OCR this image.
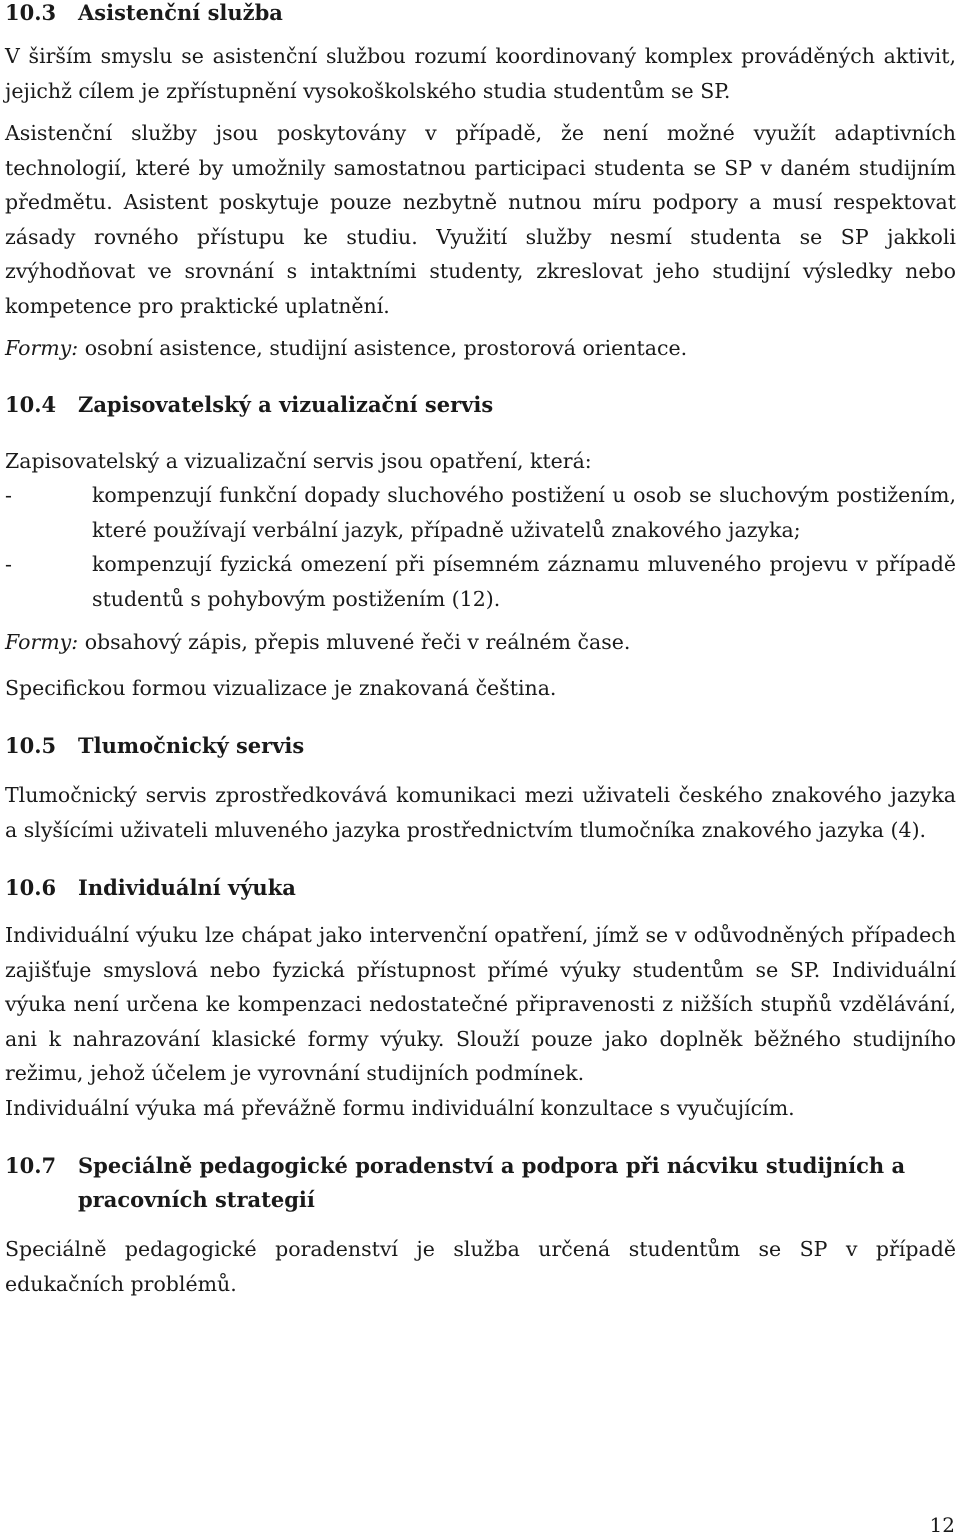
10.3	Asistenční služba

V širším smyslu se asistenční službou rozumí koordinovaný komplex prováděných aktivit, jejichž cílem je zpřístupnění vysokoškolského studia studentům se SP.

Asistenční služby jsou poskytovány v případě, že není možné využít adaptivních technologií, které by umožnily samostatnou participaci studenta se SP v daném studijním předmětu. Asistent poskytuje pouze nezbytně nutnou míru podpory a musí respektovat zásady rovného přístupu ke studiu. Využití služby nesmí studenta se SP jakkoli zvýhodňovat ve srovnání s intaktními studenty, zkreslovat jeho studijní výsledky nebo kompetence pro praktické uplatnění.

Formy: osobní asistence, studijní asistence, prostorová orientace.

10.4	Zapisovatelský a vizualizační servis

Zapisovatelský a vizualizační servis jsou opatření, která:

- kompenzují funkční dopady sluchového postižení u osob se sluchovým postižením, které používají verbální jazyk, případně uživatelů znakového jazyka;
- kompenzují fyzická omezení při písemném záznamu mluveného projevu v případě studentů s pohybovým postižením (12).

Formy: obsahový zápis, přepis mluvené řeči v reálném čase.

Specifickou formou vizualizace je znakovaná čeština.

10.5	Tlumočnický servis

Tlumočnický servis zprostředkovává komunikaci mezi uživateli českého znakového jazyka a slyšícími uživateli mluveného jazyka prostřednictvím tlumočníka znakového jazyka (4).

10.6	Individuální výuka

Individuální výuku lze chápat jako intervenční opatření, jímž se v odůvodněných případech zajišťuje smyslová nebo fyzická přístupnost přímé výuky studentům se SP. Individuální výuka není určena ke kompenzaci nedostatečné připravenosti z nižších stupňů vzdělávání, ani k nahrazování klasické formy výuky. Slouží pouze jako doplněk běžného studijního režimu, jehož účelem je vyrovnání studijních podmínek.

Individuální výuka má převážně formu individuální konzultace s vyučujícím.

10.7	Speciálně pedagogické poradenství a podpora při nácviku studijních a pracovních strategií

Speciálně pedagogické poradenství je služba určená studentům se SP v případě edukačních problémů.

12
